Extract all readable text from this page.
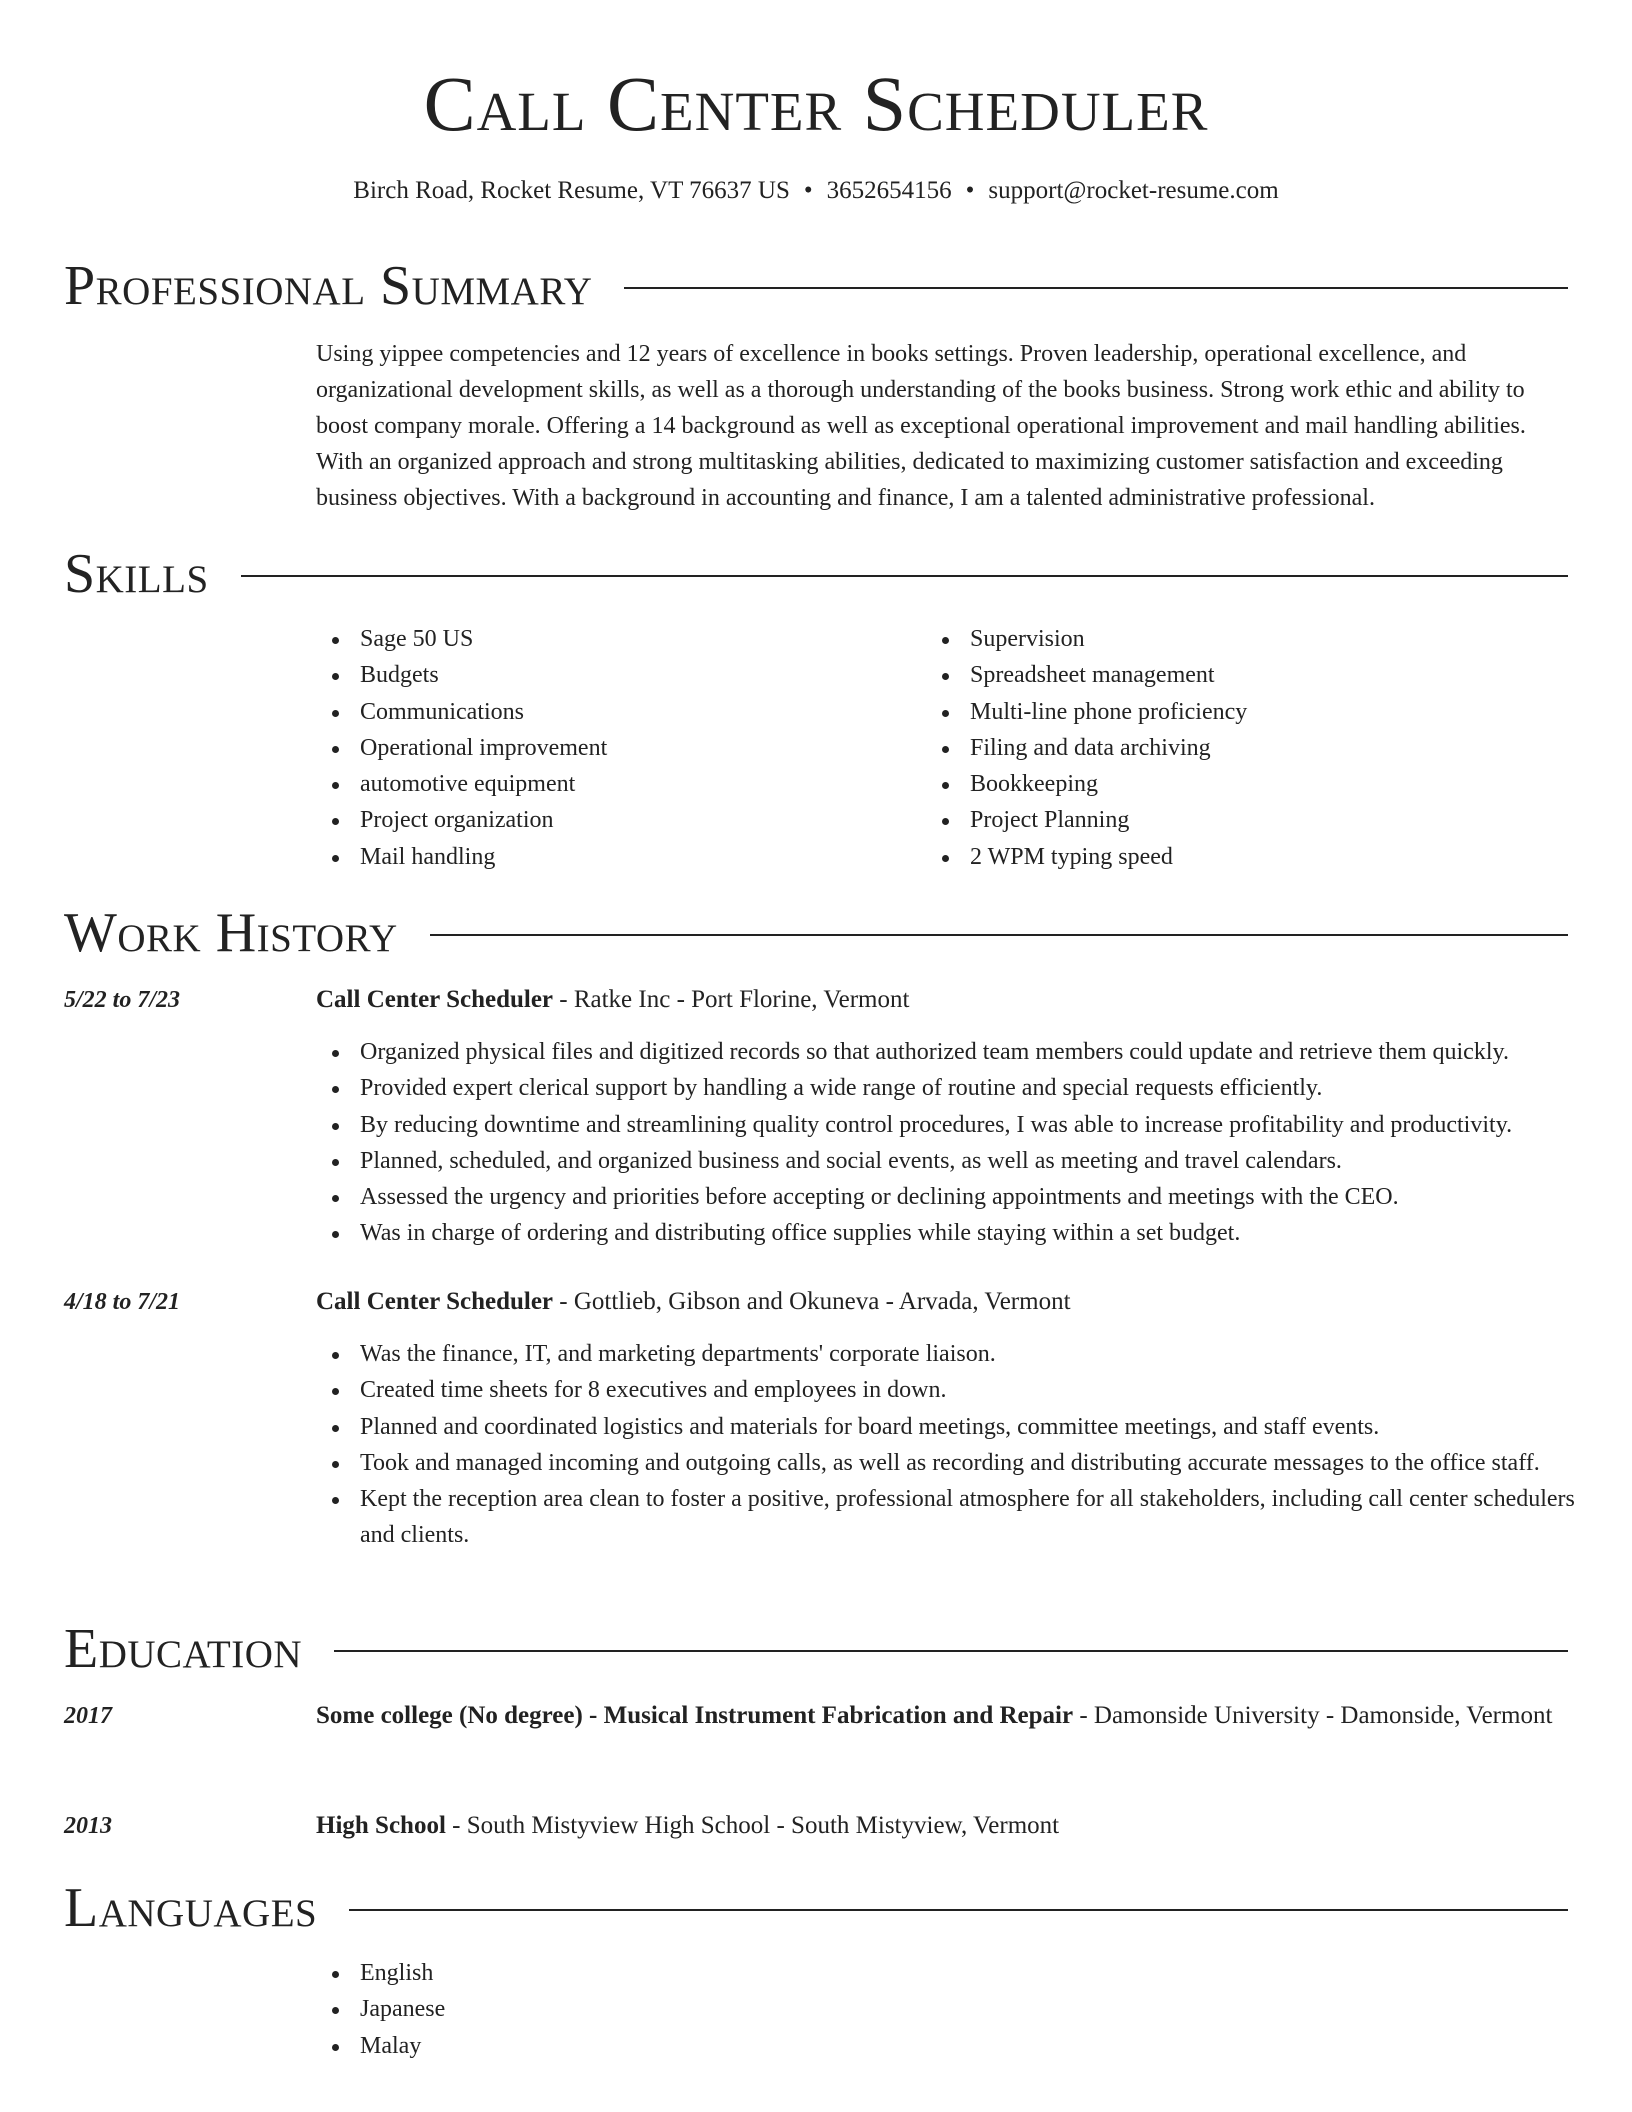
Call Center Scheduler
Birch Road, Rocket Resume, VT 76637 US • 3652654156 • support@rocket-resume.com
Professional Summary
Using yippee competencies and 12 years of excellence in books settings. Proven leadership, operational excellence, and organizational development skills, as well as a thorough understanding of the books business. Strong work ethic and ability to boost company morale. Offering a 14 background as well as exceptional operational improvement and mail handling abilities. With an organized approach and strong multitasking abilities, dedicated to maximizing customer satisfaction and exceeding business objectives. With a background in accounting and finance, I am a talented administrative professional.
Skills
Sage 50 US
Budgets
Communications
Operational improvement
automotive equipment
Project organization
Mail handling
Supervision
Spreadsheet management
Multi-line phone proficiency
Filing and data archiving
Bookkeeping
Project Planning
2 WPM typing speed
Work History
5/22 to 7/23	Call Center Scheduler - Ratke Inc - Port Florine, Vermont
Organized physical files and digitized records so that authorized team members could update and retrieve them quickly.
Provided expert clerical support by handling a wide range of routine and special requests efficiently.
By reducing downtime and streamlining quality control procedures, I was able to increase profitability and productivity.
Planned, scheduled, and organized business and social events, as well as meeting and travel calendars.
Assessed the urgency and priorities before accepting or declining appointments and meetings with the CEO.
Was in charge of ordering and distributing office supplies while staying within a set budget.
4/18 to 7/21	Call Center Scheduler - Gottlieb, Gibson and Okuneva - Arvada, Vermont
Was the finance, IT, and marketing departments' corporate liaison.
Created time sheets for 8 executives and employees in down.
Planned and coordinated logistics and materials for board meetings, committee meetings, and staff events.
Took and managed incoming and outgoing calls, as well as recording and distributing accurate messages to the office staff.
Kept the reception area clean to foster a positive, professional atmosphere for all stakeholders, including call center schedulers and clients.
Education
2017	Some college (No degree) - Musical Instrument Fabrication and Repair - Damonside University - Damonside, Vermont
2013	High School - South Mistyview High School - South Mistyview, Vermont
Languages
English
Japanese
Malay
